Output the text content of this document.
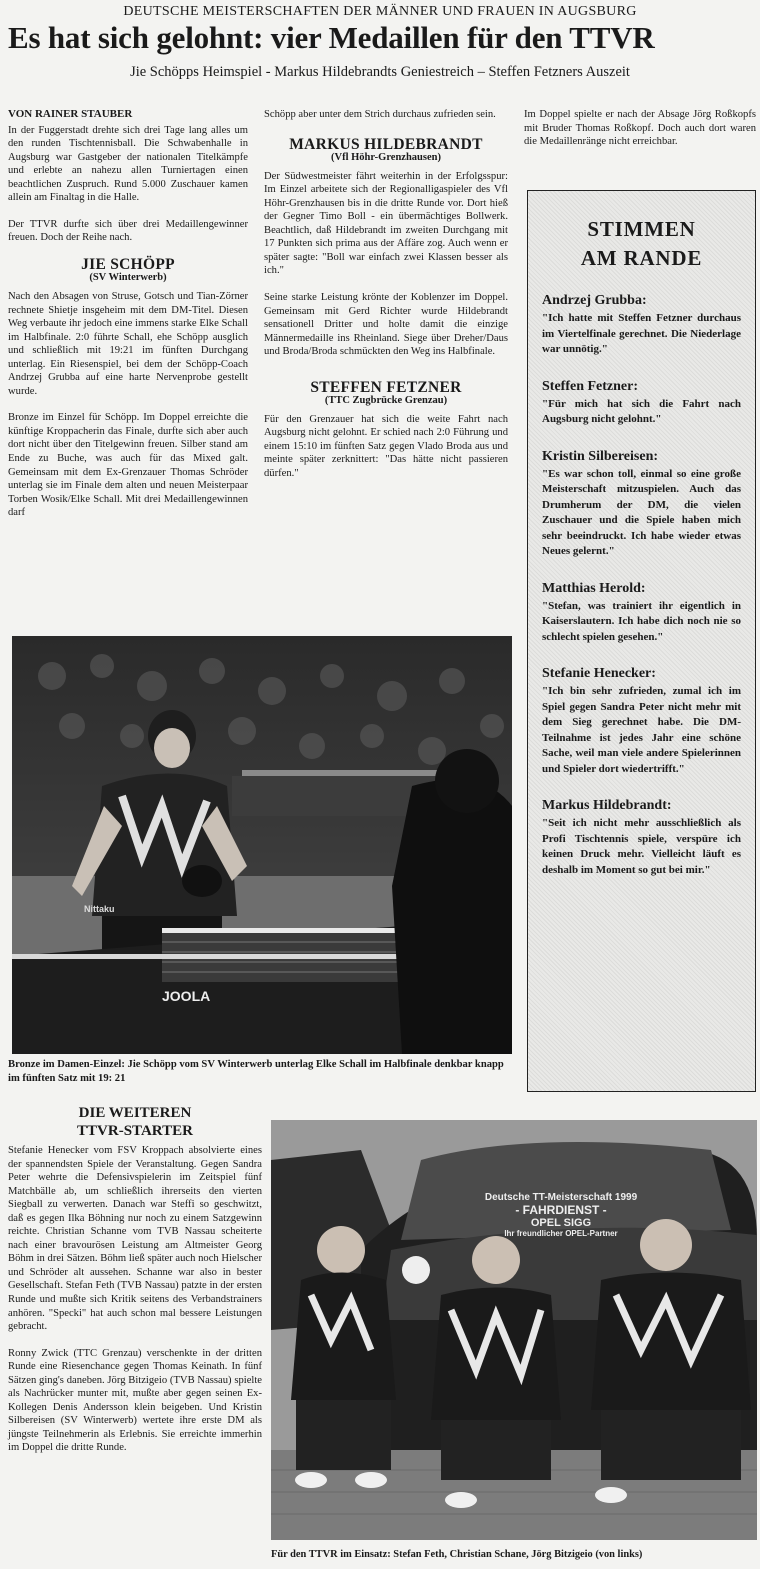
DEUTSCHE MEISTERSCHAFTEN DER MÄNNER UND FRAUEN IN AUGSBURG
Es hat sich gelohnt: vier Medaillen für den TTVR
Jie Schöpps Heimspiel - Markus Hildebrandts Geniestreich – Steffen Fetzners Auszeit
VON RAINER STAUBER

In der Fuggerstadt drehte sich drei Tage lang alles um den runden Tischtennisball. Die Schwabenhalle in Augsburg war Gastgeber der nationalen Titelkämpfe und erlebte an nahezu allen Turniertagen einen beachtlichen Zuspruch. Rund 5.000 Zuschauer kamen allein am Finaltag in die Halle.

Der TTVR durfte sich über drei Medaillengewinner freuen. Doch der Reihe nach.

JIE SCHÖPP
(SV Winterwerb)

Nach den Absagen von Struse, Gotsch und Tian-Zörner rechnete Shietje insgeheim mit dem DM-Titel. Diesen Weg verbaute ihr jedoch eine immens starke Elke Schall im Halbfinale. 2:0 führte Schall, ehe Schöpp ausglich und schließlich mit 19:21 im fünften Durchgang unterlag. Ein Riesenspiel, bei dem der Schöpp-Coach Andrzej Grubba auf eine harte Nervenprobe gestellt wurde.

Bronze im Einzel für Schöpp. Im Doppel erreichte die künftige Kroppacherin das Finale, durfte sich aber auch dort nicht über den Titelgewinn freuen. Silber stand am Ende zu Buche, was auch für das Mixed galt. Gemeinsam mit dem Ex-Grenzauer Thomas Schröder unterlag sie im Finale dem alten und neuen Meisterpaar Torben Wosik/Elke Schall. Mit drei Medaillengewinnen darf

Schöpp aber unter dem Strich durchaus zufrieden sein.

MARKUS HILDEBRANDT
(Vfl Höhr-Grenzhausen)

Der Südwestmeister fährt weiterhin in der Erfolgsspur: Im Einzel arbeitete sich der Regionalligaspieler des Vfl Höhr-Grenzhausen bis in die dritte Runde vor. Dort hieß der Gegner Timo Boll - ein übermächtiges Bollwerk. Beachtlich, daß Hildebrandt im zweiten Durchgang mit 17 Punkten sich prima aus der Affäre zog. Auch wenn er später sagte: "Boll war einfach zwei Klassen besser als ich."

Seine starke Leistung krönte der Koblenzer im Doppel. Gemeinsam mit Gerd Richter wurde Hildebrandt sensationell Dritter und holte damit die einzige Männermedaille ins Rheinland. Siege über Dreher/Daus und Broda/Broda schmückten den Weg ins Halbfinale.

STEFFEN FETZNER
(TTC Zugbrücke Grenzau)

Für den Grenzauer hat sich die weite Fahrt nach Augsburg nicht gelohnt. Er schied nach 2:0 Führung und einem 15:10 im fünften Satz gegen Vlado Broda aus und meinte später zerknittert: "Das hätte nicht passieren dürfen."

Im Doppel spielte er nach der Absage Jörg Roßkopfs mit Bruder Thomas Roßkopf. Doch auch dort waren die Medaillenränge nicht erreichbar.

STIMMEN
AM RANDE
Andrzej Grubba:
"Ich hatte mit Steffen Fetzner durchaus im Viertelfinale gerechnet. Die Niederlage war unnötig."
Steffen Fetzner:
"Für mich hat sich die Fahrt nach Augsburg nicht gelohnt."
Kristin Silbereisen:
"Es war schon toll, einmal so eine große Meisterschaft mitzuspielen. Auch das Drumherum der DM, die vielen Zuschauer und die Spiele haben mich sehr beeindruckt. Ich habe wieder etwas Neues gelernt."
Matthias Herold:
"Stefan, was trainiert ihr eigentlich in Kaiserslautern. Ich habe dich noch nie so schlecht spielen gesehen."
Stefanie Henecker:
"Ich bin sehr zufrieden, zumal ich im Spiel gegen Sandra Peter nicht mehr mit dem Sieg gerechnet habe. Die DM-Teilnahme ist jedes Jahr eine schöne Sache, weil man viele andere Spielerinnen und Spieler dort wiedertrifft."
Markus Hildebrandt:
"Seit ich nicht mehr ausschließlich als Profi Tischtennis spiele, verspüre ich keinen Druck mehr. Vielleicht läuft es deshalb im Moment so gut bei mir."
JOOLA
Nittaku
Bronze im Damen-Einzel: Jie Schöpp vom SV Winterwerb unterlag Elke Schall im Halbfinale denkbar knapp im fünften Satz mit 19: 21
DIE WEITEREN
TTVR-STARTER

Stefanie Henecker vom FSV Kroppach absolvierte eines der spannendsten Spiele der Veranstaltung. Gegen Sandra Peter wehrte die Defensivspielerin im Zeitspiel fünf Matchbälle ab, um schließlich ihrerseits den vierten Siegball zu verwerten. Danach war Steffi so geschwitzt, daß es gegen Ilka Böhning nur noch zu einem Satzgewinn reichte. Christian Schanne vom TVB Nassau scheiterte nach einer bravourösen Leistung am Altmeister Georg Böhm in drei Sätzen. Böhm ließ später auch noch Hielscher und Schröder alt aussehen. Schanne war also in bester Gesellschaft. Stefan Feth (TVB Nassau) patzte in der ersten Runde und mußte sich Kritik seitens des Verbandstrainers anhören. "Specki" hat auch schon mal bessere Leistungen gebracht.

Ronny Zwick (TTC Grenzau) verschenkte in der dritten Runde eine Riesenchance gegen Thomas Keinath. In fünf Sätzen ging's daneben. Jörg Bitzigeio (TVB Nassau) spielte als Nachrücker munter mit, mußte aber gegen seinen Ex-Kollegen Denis Andersson klein beigeben. Und Kristin Silbereisen (SV Winterwerb) wertete ihre erste DM als jüngste Teilnehmerin als Erlebnis. Sie erreichte immerhin im Doppel die dritte Runde.

Deutsche TT-Meisterschaft 1999
- FAHRDIENST -
OPEL SIGG
Ihr freundlicher OPEL-Partner
Für den TTVR im Einsatz: Stefan Feth, Christian Schane, Jörg Bitzigeio (von links)
